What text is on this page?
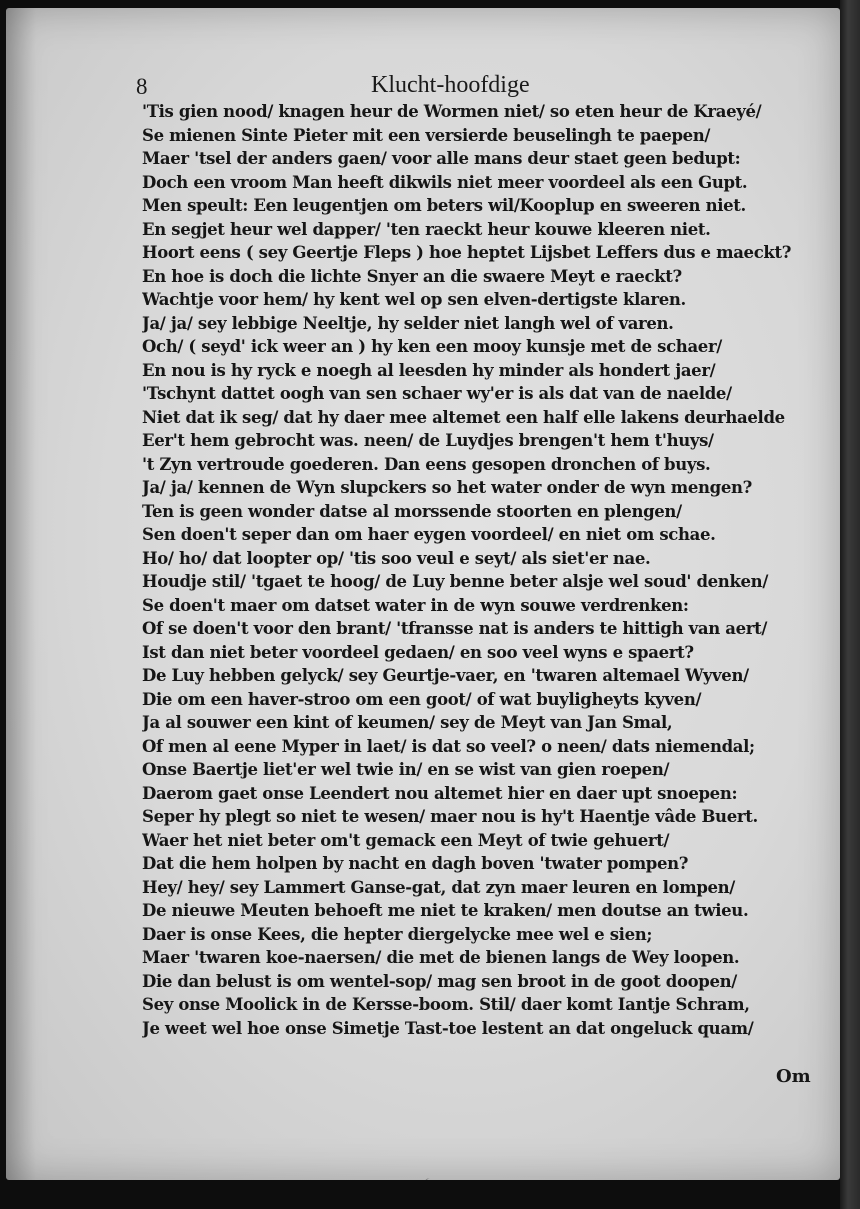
8	Klucht-hoofdige
'Tis gien nood/ knagen heur de Wormen niet/ so eten heur de Kraeyé/
Se mienen Sinte Pieter mit een versierde beuselingh te paepen/
Maer 'tsel der anders gaen/ voor alle mans deur staet geen bedupt:
Doch een vroom Man heeft dikwils niet meer voordeel als een Gupt.
Men speult: Een leugentjen om beters wil/Kooplup en sweeren niet.
En segjet heur wel dapper/ 'ten raeckt heur kouwe kleeren niet.
Hoort eens ( sey Geertje Fleps ) hoe heptet Lijsbet Leffers dus e maeckt?
En hoe is doch die lichte Snyer an die swaere Meyt e raeckt?
Wachtje voor hem/ hy kent wel op sen elven-dertigste klaren.
Ja/ ja/ sey lebbige Neeltje, hy selder niet langh wel of varen.
Och/ ( seyd' ick weer an ) hy ken een mooy kunsje met de schaer/
En nou is hy ryck e noegh al leesden hy minder als hondert jaer/
'Tschynt dattet oogh van sen schaer wy'er is als dat van de naelde/
Niet dat ik seg/ dat hy daer mee altemet een half elle lakens deurhaelde
Eer't hem gebrocht was. neen/ de Luydjes brengen't hem t'huys/
't Zyn vertroude goederen. Dan eens gesopen dronchen of buys.
Ja/ ja/ kennen de Wyn slupckers so het water onder de wyn mengen?
Ten is geen wonder datse al morssende stoorten en plengen/
Sen doen't seper dan om haer eygen voordeel/ en niet om schae.
Ho/ ho/ dat loopter op/ 'tis soo veul e seyt/ als siet'er nae.
Houdje stil/ 'tgaet te hoog/ de Luy benne beter alsje wel soud' denken/
Se doen't maer om datset water in de wyn souwe verdrenken:
Of se doen't voor den brant/ 'tfransse nat is anders te hittigh van aert/
Ist dan niet beter voordeel gedaen/ en soo veel wyns e spaert?
De Luy hebben gelyck/ sey Geurtje-vaer, en 'twaren altemael Wyven/
Die om een haver-stroo om een goot/ of wat buyligheyts kyven/
Ja al souwer een kint of keumen/ sey de Meyt van Jan Smal,
Of men al eene Myper in laet/ is dat so veel? o neen/ dats niemendal;
Onse Baertje liet'er wel twie in/ en se wist van gien roepen/
Daerom gaet onse Leendert nou altemet hier en daer upt snoepen:
Seper hy plegt so niet te wesen/ maer nou is hy't Haentje vâde Buert.
Waer het niet beter om't gemack een Meyt of twie gehuert/
Dat die hem holpen by nacht en dagh boven 'twater pompen?
Hey/ hey/ sey Lammert Ganse-gat, dat zyn maer leuren en lompen/
De nieuwe Meuten behoeft me niet te kraken/ men doutse an twieu.
Daer is onse Kees, die hepter diergelycke mee wel e sien;
Maer 'twaren koe-naersen/ die met de bienen langs de Wey loopen.
Die dan belust is om wentel-sop/ mag sen broot in de goot doopen/
Sey onse Moolick in de Kersse-boom. Stil/ daer komt Iantje Schram,
Je weet wel hoe onse Simetje Tast-toe lestent an dat ongeluck quam/
Om
